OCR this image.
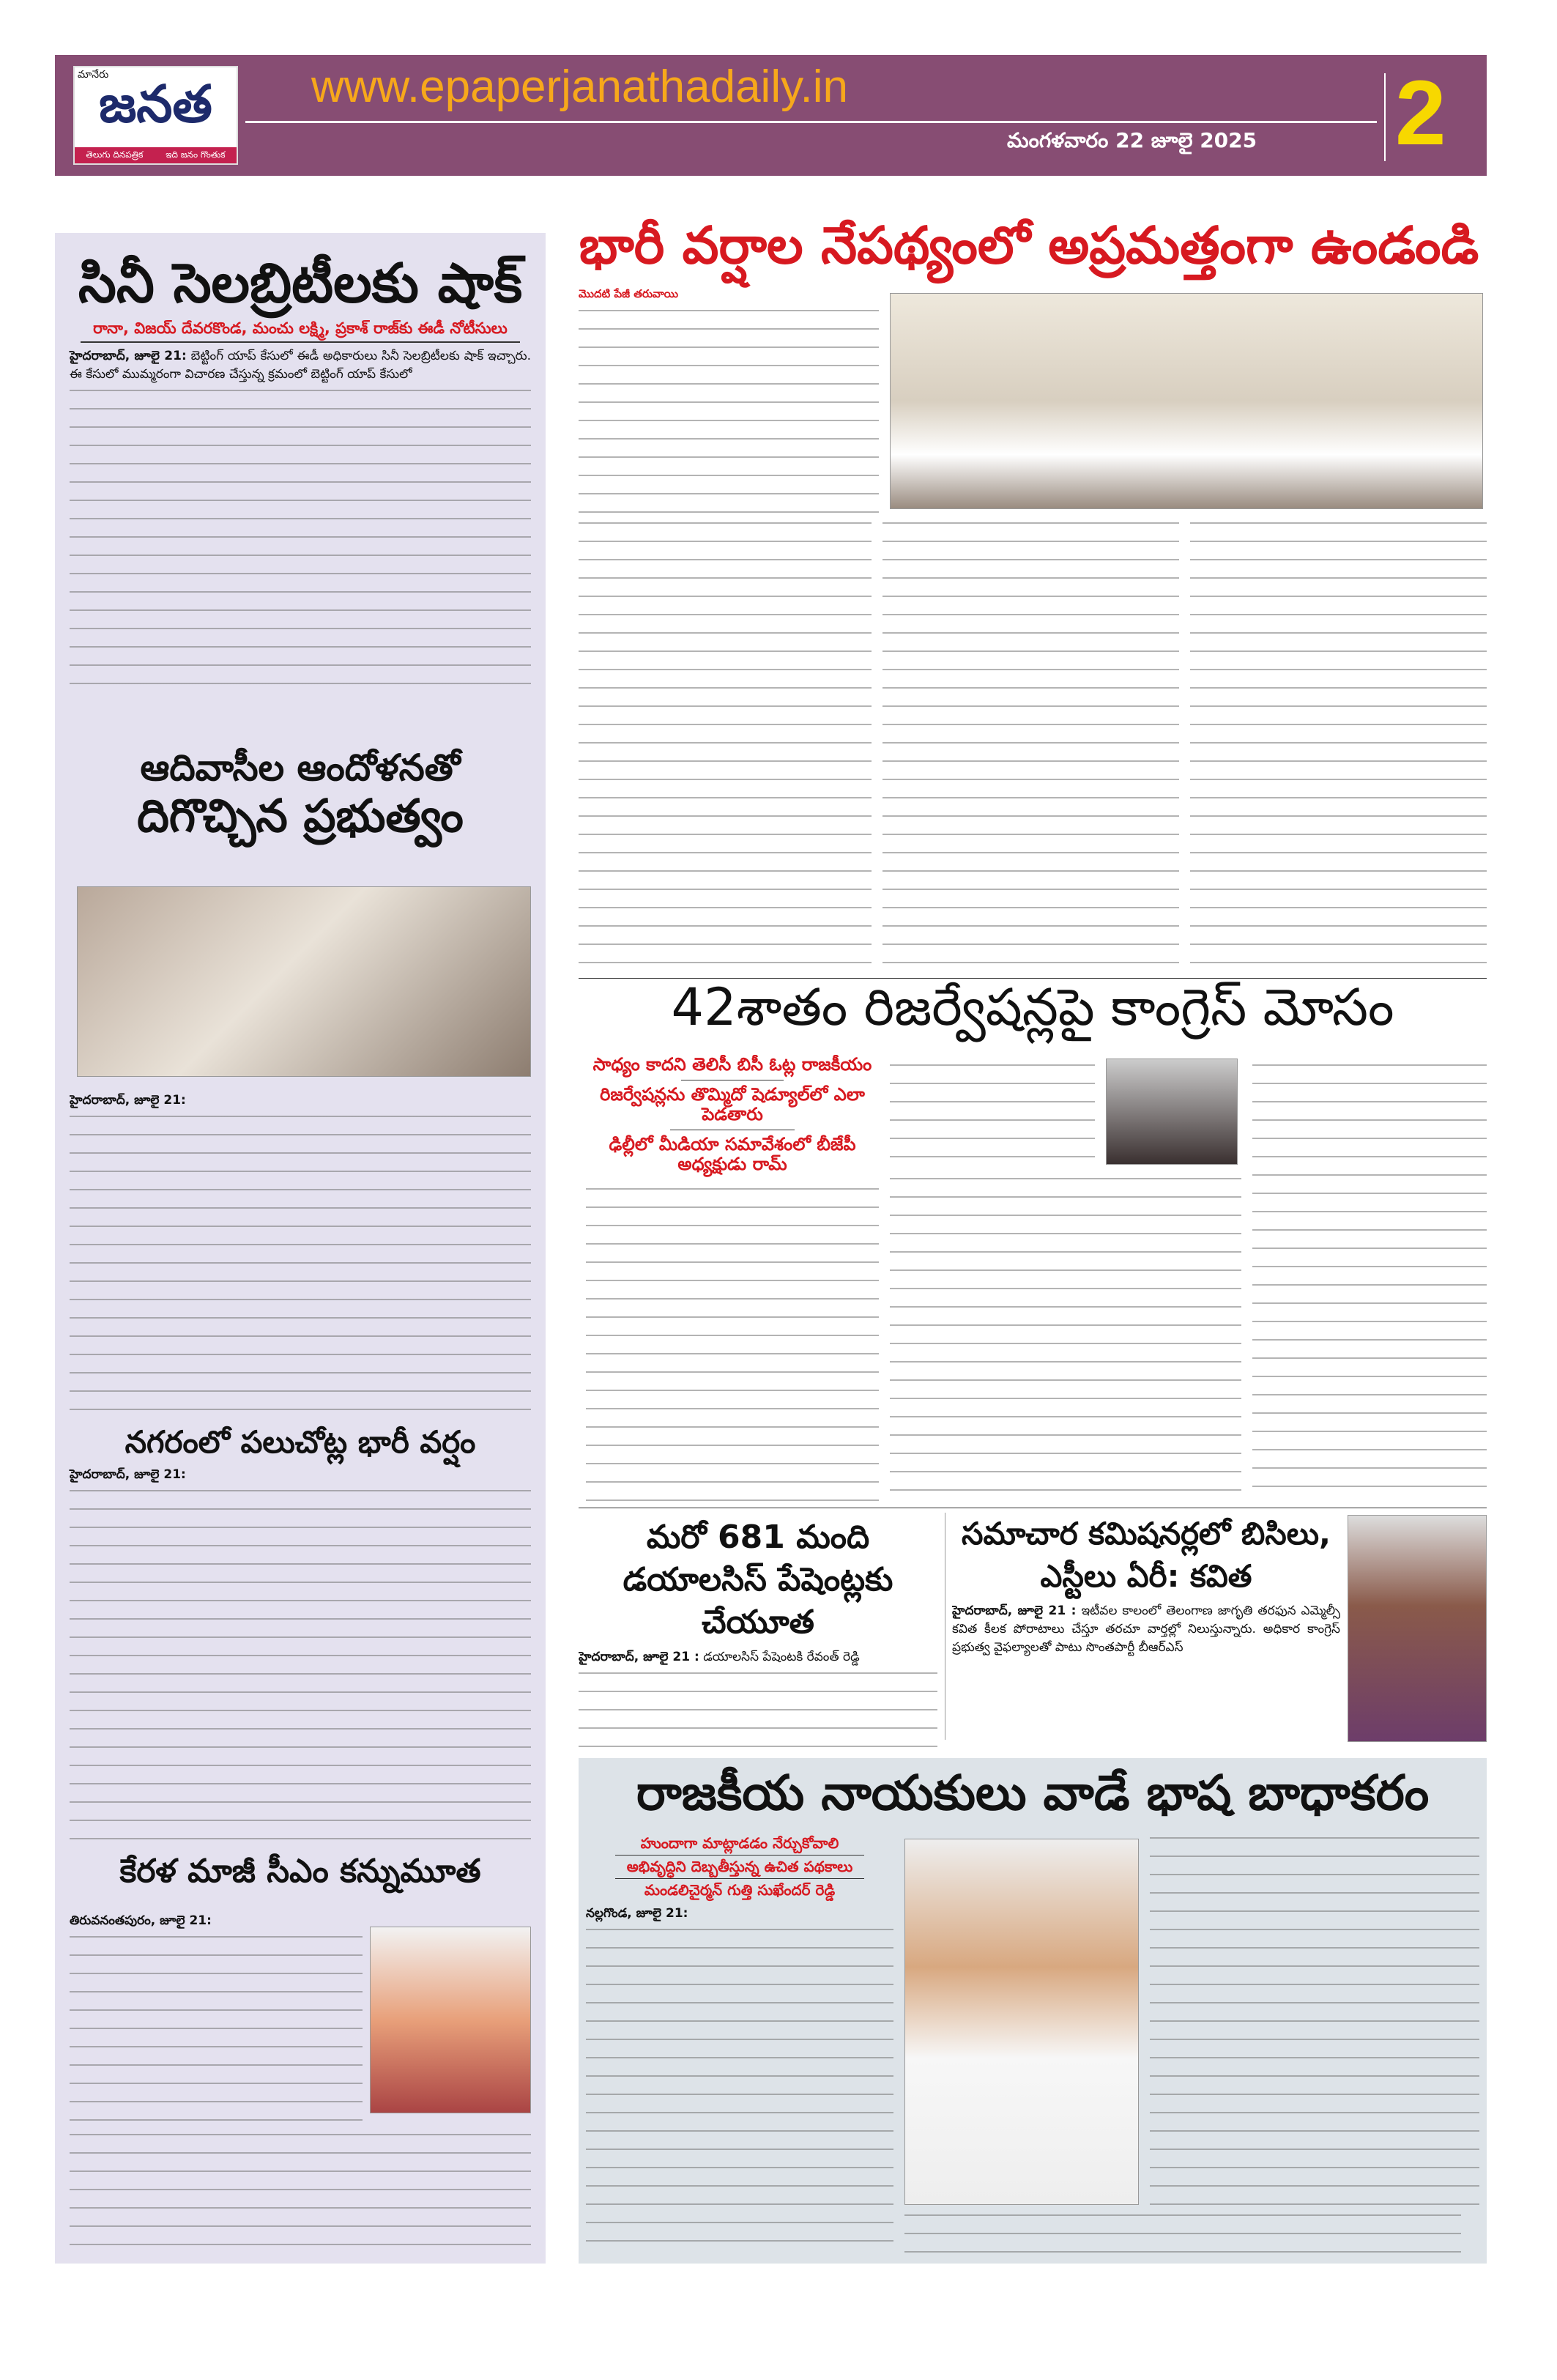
మానేరు
జనత
తెలుగు దినపత్రిక	ఇది జనం గొంతుక
www.epaperjanathadaily.in
మంగళవారం 22 జూలై 2025 2
సినీ సెలబ్రిటీలకు షాక్
రానా, విజయ్ దేవరకొండ, మంచు లక్ష్మి, ప్రకాశ్ రాజ్‌కు ఈడీ నోటీసులు
హైదరాబాద్, జూలై 21: బెట్టింగ్ యాప్ కేసులో ఈడీ అధికారులు సినీ సెలబ్రిటీలకు షాక్ ఇచ్చారు. ఈ కేసులో ముమ్మరంగా విచారణ చేస్తున్న క్రమంలో బెట్టింగ్ యాప్ కేసులో
ఆదివాసీల ఆందోళనతో
దిగొచ్చిన ప్రభుత్వం
హైదరాబాద్, జూలై 21:
నగరంలో పలుచోట్ల భారీ వర్షం
హైదరాబాద్, జూలై 21:
కేరళ మాజీ సీఎం కన్నుమూత
తిరువనంతపురం, జూలై 21:
భారీ వర్షాల నేపథ్యంలో అప్రమత్తంగా ఉండండి
మొదటి పేజీ తరువాయి
42శాతం రిజర్వేషన్లపై కాంగ్రెస్ మోసం
సాధ్యం కాదని తెలిసీ బిసీ ఓట్ల రాజకీయం
రిజర్వేషన్లను తొమ్మిదో షెడ్యూల్‌లో ఎలా పెడతారు
ఢిల్లీలో మీడియా సమావేశంలో బీజేపీ అధ్యక్షుడు రామ్
మరో 681 మంది డయాలసిస్ పేషెంట్లకు చేయూత
హైదరాబాద్, జూలై 21 : డయాలసిస్ పేషెంటకి రేవంత్ రెడ్డి
సమాచార కమిషనర్లలో బిసిలు, ఎస్టీలు ఏరీ: కవిత
హైదరాబాద్, జూలై 21 : ఇటీవల కాలంలో తెలంగాణ జాగృతి తరఫున ఎమ్మెల్సీ కవిత కీలక పోరాటాలు చేస్తూ తరచూ వార్తల్లో నిలుస్తున్నారు. అధికార కాంగ్రెస్ ప్రభుత్వ వైఫల్యాలతో పాటు సొంతపార్టీ బీఆర్ఎస్
రాజకీయ నాయకులు వాడే భాష బాధాకరం
హుందాగా మాట్లాడడం నేర్చుకోవాలి
అభివృద్ధిని దెబ్బతీస్తున్న ఉచిత పథకాలు
మండలిచైర్మన్ గుత్తి సుఖేందర్ రెడ్డి
నల్లగొండ, జూలై 21:
